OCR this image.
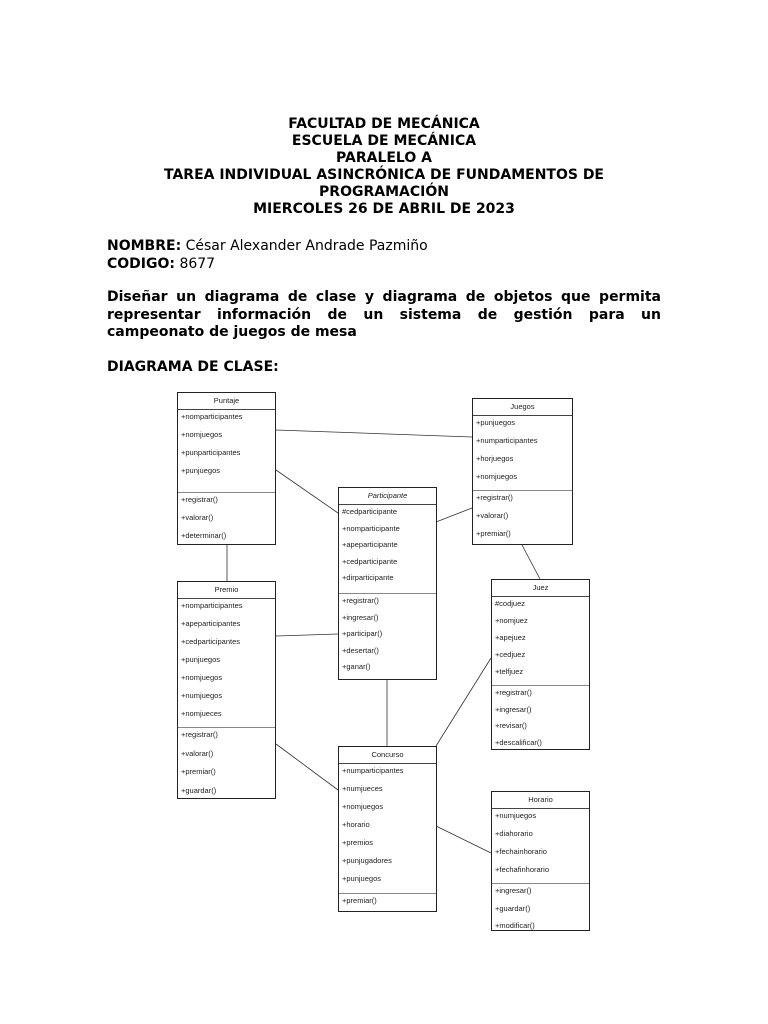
FACULTAD DE MECÁNICA
ESCUELA DE MECÁNICA
PARALELO A
TAREA INDIVIDUAL ASINCRÓNICA DE FUNDAMENTOS DE
PROGRAMACIÓN
MIERCOLES 26 DE ABRIL DE 2023
NOMBRE: César Alexander Andrade Pazmiño
CODIGO: 8677
Diseñar un diagrama de clase y diagrama de objetos que permita representar información de un sistema de gestión para un campeonato de juegos de mesa
DIAGRAMA DE CLASE:
Puntaje
+nomparticipantes
+nomjuegos
+punparticipantes
+punjuegos
+registrar()
+valorar()
+determinar()
Juegos
+punjuegos
+numparticipantes
+horjuegos
+nomjuegos
+registrar()
+valorar()
+premiar()
Participante
#cedparticipante
+nomparticipante
+apeparticipante
+cedparticipante
+dirparticipante
+registrar()
+ingresar()
+participar()
+desertar()
+ganar()
Premio
+nomparticipantes
+apeparticipantes
+cedparticipantes
+punjuegos
+nomjuegos
+numjuegos
+nomjueces
+registrar()
+valorar()
+premiar()
+guardar()
Juez
#codjuez
+nomjuez
+apejuez
+cedjuez
+telfjuez
+registrar()
+ingresar()
+revisar()
+descalificar()
Concurso
+numparticipantes
+numjueces
+nomjuegos
+horario
+premios
+punjugadores
+punjuegos
+premiar()
Horario
+numjuegos
+diahorario
+fechainhorario
+fechafinhorario
+ingresar()
+guardar()
+modificar()
